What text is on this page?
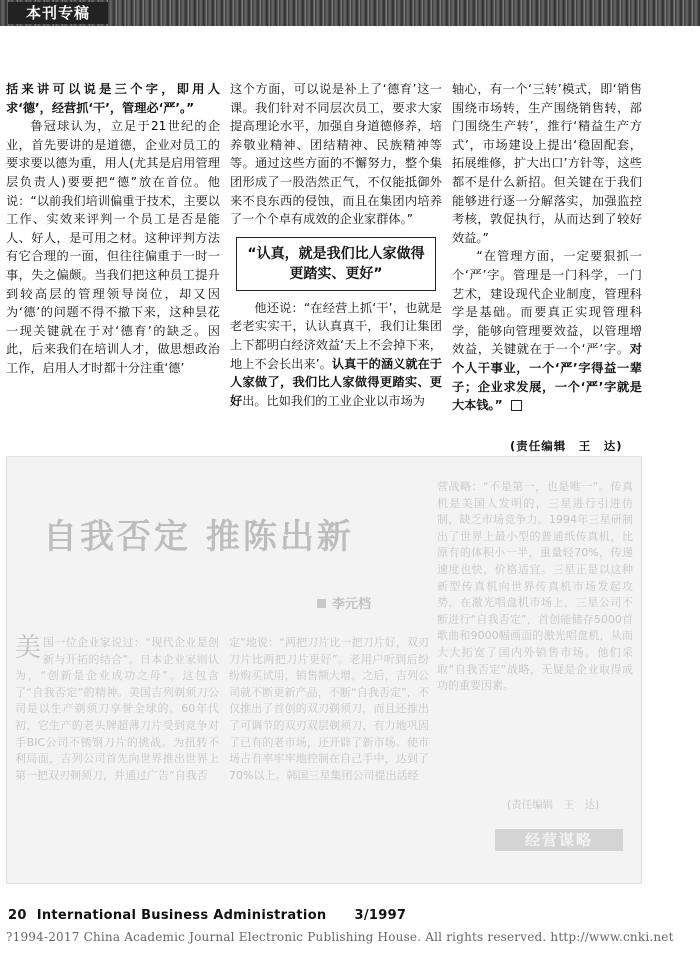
本刊专稿

括来讲可以说是三个字，即用人求‘德’，经营抓‘干’，管理必‘严’。”

鲁冠球认为，立足于21世纪的企业，首先要讲的是道德，企业对员工的要求要以德为重，用人(尤其是启用管理层负责人)要要把“德”放在首位。他说：“以前我们培训偏重于技术，主要以工作、实效来评判一个员工是否是能人、好人，是可用之材。这种评判方法有它合理的一面，但往往偏重于一时一事，失之偏颇。当我们把这种员工提升到较高层的管理领导岗位，却又因为‘德’的问题不得不撤下来，这种昙花一现关键就在于对‘德育’的缺乏。因此，后来我们在培训人才，做思想政治工作，启用人才时都十分注重‘德’

这个方面，可以说是补上了‘德育’这一课。我们针对不同层次员工，要求大家提高理论水平，加强自身道德修养，培养敬业精神、团结精神、民族精神等等。通过这些方面的不懈努力，整个集团形成了一股浩然正气，不仅能抵御外来不良东西的侵蚀，而且在集团内培养了一个个卓有成效的企业家群体。”

“认真，就是我们比人家做得更踏实、更好”

他还说：“在经营上抓‘干’，也就是老老实实干，认认真真干，我们让集团上下都明白经济效益‘天上不会掉下来，地上不会长出来’。认真干的涵义就在于人家做了，我们比人家做得更踏实、更好出。比如我们的工业企业以市场为

轴心，有一个‘三转’模式，即‘销售围绕市场转，生产围绕销售转，部门围绕生产转’，推行‘精益生产方式’，市场建设上提出‘稳固配套，拓展维修，扩大出口’方针等，这些都不是什么新招。但关键在于我们能够进行逐一分解落实，加强监控考核，敦促执行，从而达到了较好效益。”

“在管理方面，一定要狠抓一个‘严’字。管理是一门科学，一门艺术，建设现代企业制度，管理科学是基础。而要真正实现管理科学，能够向管理要效益，以管理增效益，关键就在于一个‘严’字。对个人干事业，一个‘严’字得益一辈子；企业求发展，一个‘严’字就是大本钱。”

(责任编辑　王　达)
自我否定 推陈出新
李元档

美国一位企业家说过：“现代企业是创新与开拓的结合”。日本企业家则认为，“创新是企业成功之母”。这包含了“自我否定”的精神。美国吉列剃须刀公司是以生产剃须刀享誉全球的。60年代初，它生产的老头牌超薄刀片受到竞争对手BIC公司不锈钢刀片的挑战。为扭转不利局面，吉列公司首先向世界推出世界上第一把双刃剃须刀，并通过广告“自我否

定”地说：“两把刀片比一把刀片好，双刃刀片比两把刀片更好”。老用户听到后纷纷购买试用，销售额大增。之后，吉列公司就不断更新产品，不断“自我否定”，不仅推出了首创的双刃剃须刀，而且还推出了可调节的双刃双层剃须刀，有力地巩固了已有的老市场，还开辟了新市场。使市场占有率牢牢地控制在自己手中，达到了70%以上。韩国三星集团公司提出活经

营战略：“不是第一，也是唯一”。传真机是美国人发明的，三星进行引进仿制，缺乏市场竞争力。1994年三星研制出了世界上最小型的普通纸传真机，比原有的体积小一半，重量轻70%，传递速度也快，价格适宜。三星正是以这种新型传真机向世界传真机市场发起攻势，在激光唱盘机市场上，三星公司不断进行“自我否定”，首创能储存5000首歌曲和9000幅画面的激光唱盘机，从而大大拓宽了国内外销售市场。他们采取“自我否定”战略，无疑是企业取得成功的重要因素。

(责任编辑　王　达)
经营谋略
20 International Business Administration 3/1997
?1994-2017 China Academic Journal Electronic Publishing House. All rights reserved. http://www.cnki.net
